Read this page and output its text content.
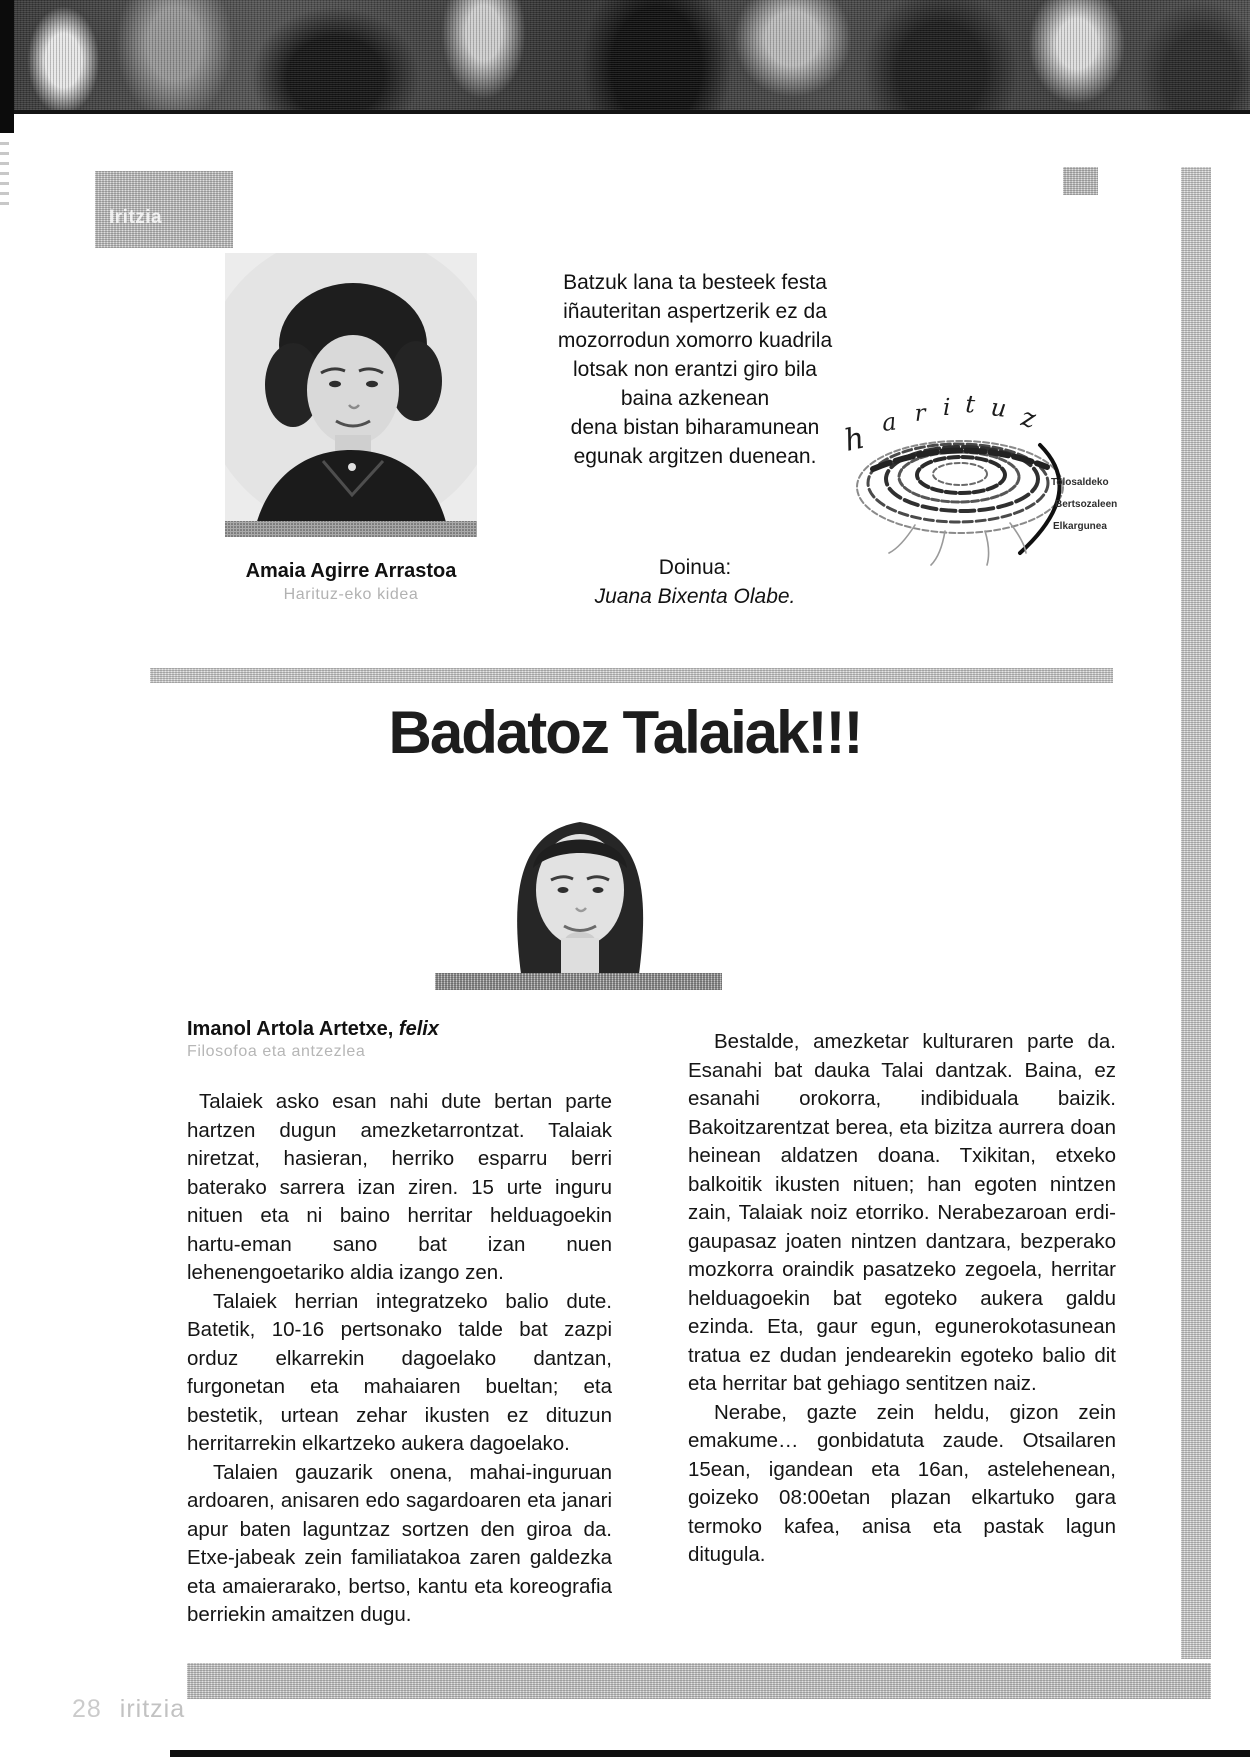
Iritzia
Batzuk lana ta besteek festa
iñauteritan aspertzerik ez da
mozorrodun xomorro kuadrila
lotsak non erantzi giro bila
baina azkenean
dena bistan biharamunean
egunak argitzen duenean.
Doinua:
Juana Bixenta Olabe.
Amaia Agirre Arrastoa
Harituz-eko kidea
h a r i t u z
Tolosaldeko
Bertsozaleen
Elkargunea
Badatoz Talaiak!!!
Imanol Artola Artetxe, felix
Filosofoa eta antzezlea

Talaiek asko esan nahi dute bertan parte hartzen dugun amezketarrontzat. Talaiak niretzat, hasieran, herriko esparru berri baterako sarrera izan ziren. 15 urte inguru nituen eta ni baino herritar helduagoekin hartu-eman sano bat izan nuen lehenengoetariko aldia izango zen.

Talaiek herrian integratzeko balio dute. Batetik, 10-16 pertsonako talde bat zazpi orduz elkarrekin dagoelako dantzan, furgonetan eta mahaiaren bueltan; eta bestetik, urtean zehar ikusten ez dituzun herritarrekin elkartzeko aukera dagoelako.

Talaien gauzarik onena, mahai-inguruan ardoaren, anisaren edo sagardoaren eta janari apur baten laguntzaz sortzen den giroa da. Etxe-jabeak zein familiatakoa zaren galdezka eta amaierarako, bertso, kantu eta koreografia berriekin amaitzen dugu.

Bestalde, amezketar kulturaren parte da. Esanahi bat dauka Talai dantzak. Baina, ez esanahi orokorra, indibiduala baizik. Bakoitzarentzat berea, eta bizitza aurrera doan heinean aldatzen doana. Txikitan, etxeko balkoitik ikusten nituen; han egoten nintzen zain, Talaiak noiz etorriko. Nerabezaroan erdi-gaupasaz joaten nintzen dantzara, bezperako mozkorra oraindik pasatzeko zegoela, herritar helduagoekin bat egoteko aukera galdu ezinda. Eta, gaur egun, egunerokotasunean tratua ez dudan jendearekin egoteko balio dit eta herritar bat gehiago sentitzen naiz.

Nerabe, gazte zein heldu, gizon zein emakume… gonbidatuta zaude. Otsailaren 15ean, igandean eta 16an, astelehenean, goizeko 08:00etan plazan elkartuko gara termoko kafea, anisa eta pastak lagun ditugula.

28 iritzia
